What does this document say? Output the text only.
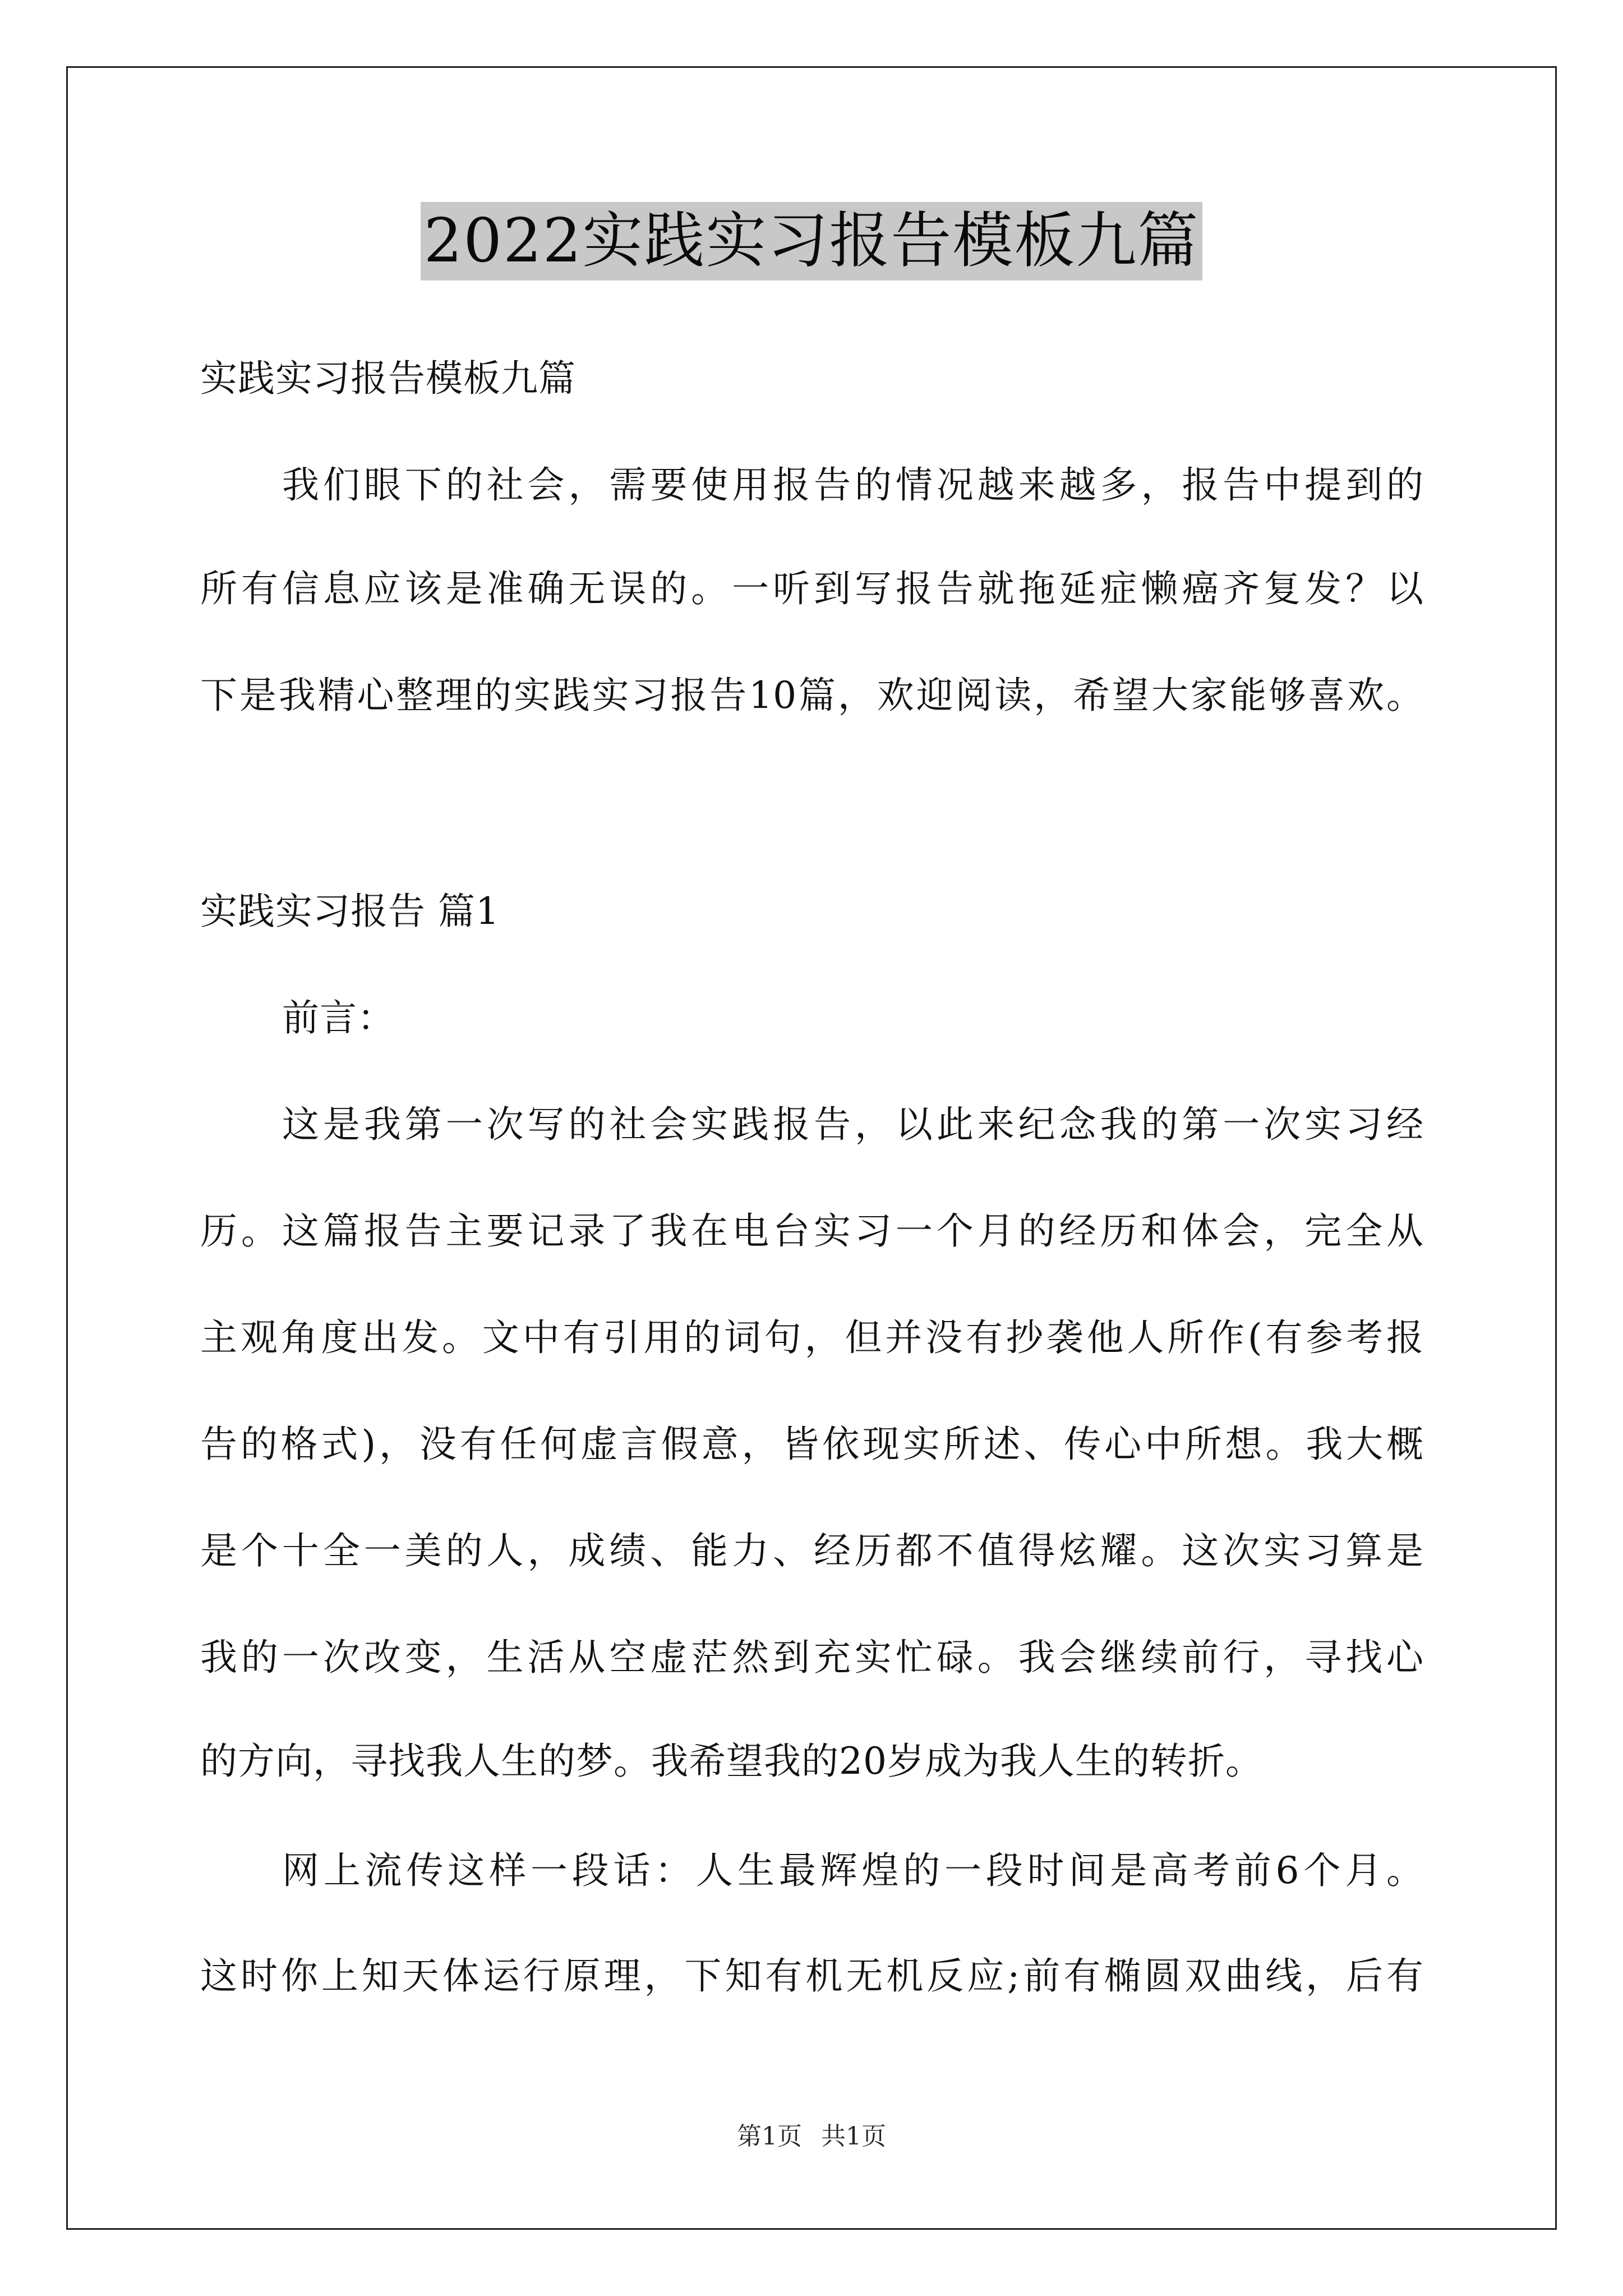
2022实践实习报告模板九篇
实践实习报告模板九篇
我们眼下的社会，需要使用报告的情况越来越多，报告中提到的
所有信息应该是准确无误的。一听到写报告就拖延症懒癌齐复发？以
下是我精心整理的实践实习报告10篇，欢迎阅读，希望大家能够喜欢。
实践实习报告 篇1
前言：
这是我第一次写的社会实践报告，以此来纪念我的第一次实习经
历。这篇报告主要记录了我在电台实习一个月的经历和体会，完全从
主观角度出发。文中有引用的词句，但并没有抄袭他人所作(有参考报
告的格式)，没有任何虚言假意，皆依现实所述、传心中所想。我大概
是个十全一美的人，成绩、能力、经历都不值得炫耀。这次实习算是
我的一次改变，生活从空虚茫然到充实忙碌。我会继续前行，寻找心
的方向，寻找我人生的梦。我希望我的20岁成为我人生的转折。
网上流传这样一段话：人生最辉煌的一段时间是高考前6个月。
这时你上知天体运行原理，下知有机无机反应;前有椭圆双曲线，后有
第1页 共1页
